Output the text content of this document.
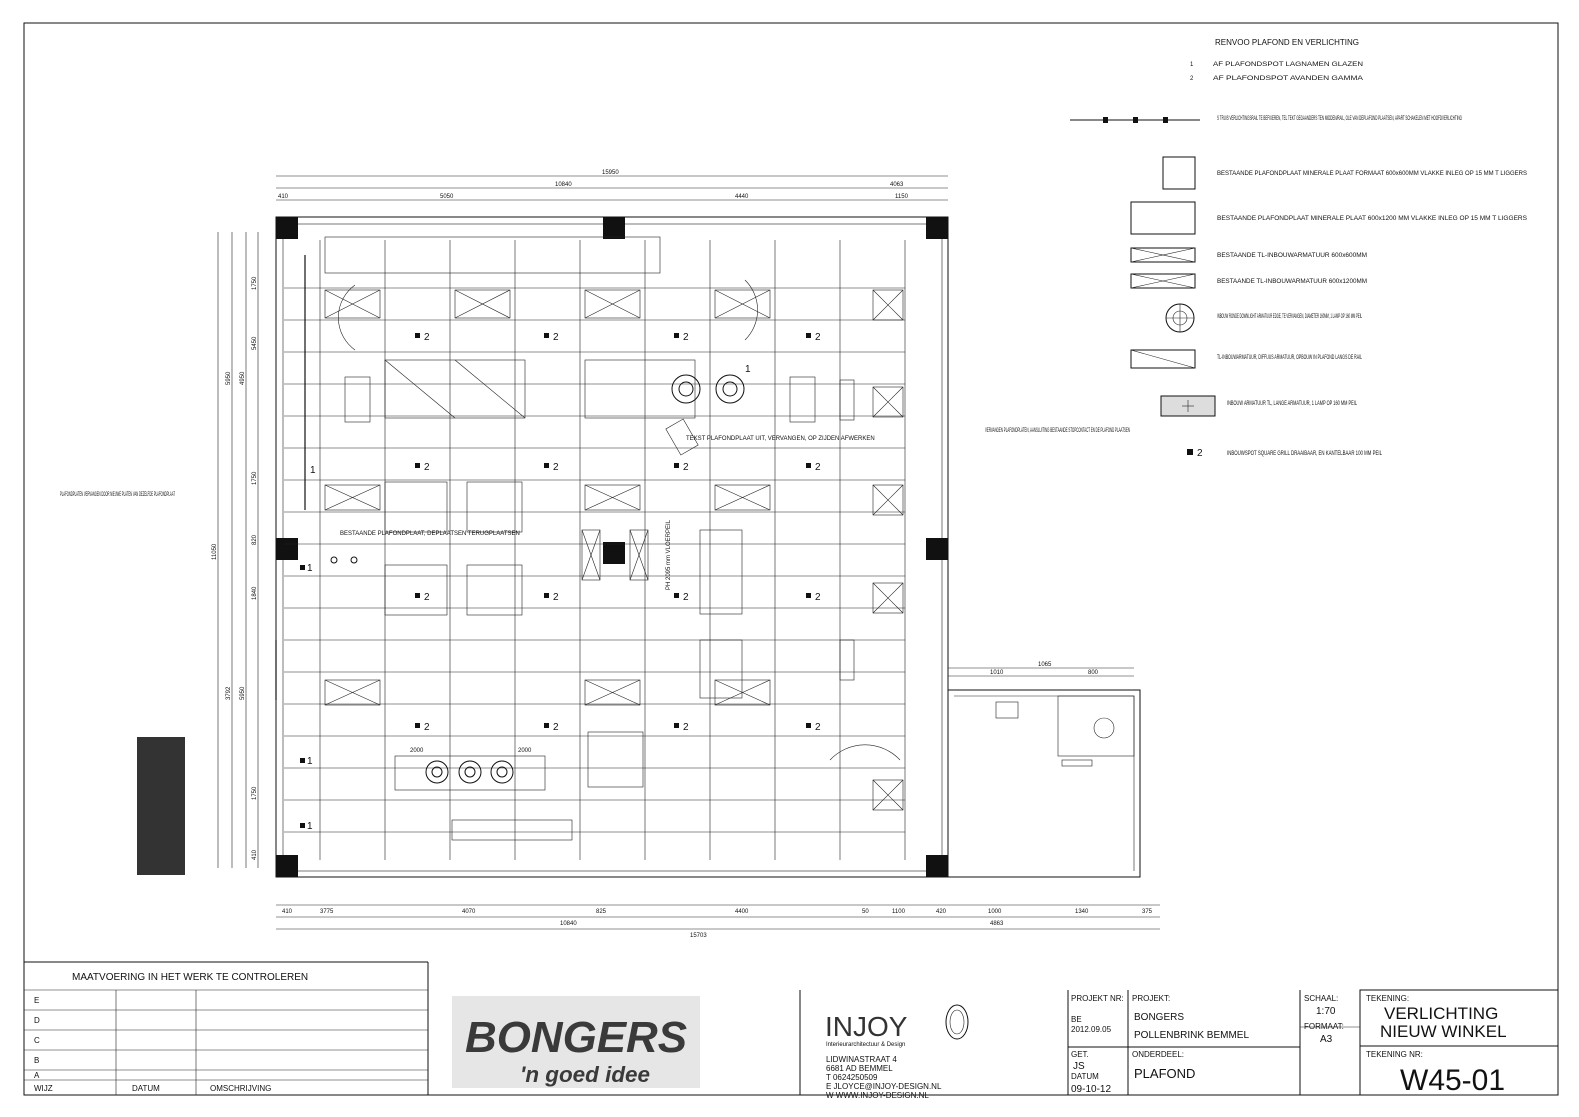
2	2	2	2
2	2	2	2
2	2	2	2
2	2	2	2
1
1
1
1
1
BESTAANDE PLAFONDPLAAT, DEPLAATSEN TERUGPLAATSEN
TEKST PLAFONDPLAAT UIT, VERVANGEN, OP ZIJDEN AFWERKEN
PH 2095 mm VLOERPEIL
2000	2000
15950
10840	4063
410	5050	4440	1150
410	3775	4070	825	4400	50	1100	420	1000	1340	375
10840	4863
15703
11050
5950
3792
4950
5950
1750
5450
1750
820
1840
1750
410
1065
1010	800
PLAFONDPLATEN VERVANGEN DOOR NIEUWE PLATEN VAN DEZELFDE PLAFONDPLAAT
VERVANGEN PLAFONDPLATEN, AANSLUITING BESTAANDE STOPCONTACT EN DE PLAFOND PLAATSEN
RENVOO PLAFOND EN VERLICHTING
1	AF PLAFONDSPOT LAGNAMEN GLAZEN
2	AF PLAFONDSPOT AVANDEN GAMMA
S TRUIS VERLICHTINGSRAIL TE BEFIXEREN, TEL TEKT GEGAANDERS TEN MIDDEN/RAIL, OLE VAN DEPLAFOND PLAATSEN, APART SCHAKELEN MET HOOFDVERLICHTING
BESTAANDE PLAFONDPLAAT MINERALE PLAAT FORMAAT 600x600MM VLAKKE INLEG OP 15 MM T LIGGERS
BESTAANDE PLAFONDPLAAT MINERALE PLAAT 600x1200 MM VLAKKE INLEG OP 15 MM T LIGGERS
BESTAANDE TL-INBOUWARMATUUR 600x600MM
BESTAANDE TL-INBOUWARMATUUR 600x1200MM
INBOUW RONDE DOWNLIGHT ARMATUUR EDGE, TE VERVANGEN, DIAMETER 160MM, 1 LAMP OP 160 MM PEIL
TL-INBOUWARMATUUR, DIFFUUS ARMATUUR, OPBOUW IN PLAFOND LANGS DE RAIL
INBOUW ARMATUUR TL, LANGE ARMATUUR, 1 LAMP OP 160 MM PEIL
2	INBOUWSPOT SQUARE GRILL DRAAIBAAR, EN KANTELBAAR 100 MM PEIL
MAATVOERING IN HET WERK TE CONTROLEREN
E
D
C
B
A
WIJZ	DATUM	OMSCHRIJVING
BONGERS
'n goed idee
INJOY
Interieurarchitectuur & Design
LIDWINASTRAAT 4
6681 AD BEMMEL
T 0624250509
E JLOYCE@INJOY-DESIGN.NL
W WWW.INJOY-DESIGN.NL
PROJEKT NR:
BE
2012.09.05
PROJEKT:
BONGERS
POLLENBRINK BEMMEL
SCHAAL:
1:70
FORMAAT:
A3
TEKENING:
VERLICHTING
NIEUW WINKEL
GET.
JS
DATUM
09-10-12
ONDERDEEL:
PLAFOND
TEKENING NR:
W45-01
